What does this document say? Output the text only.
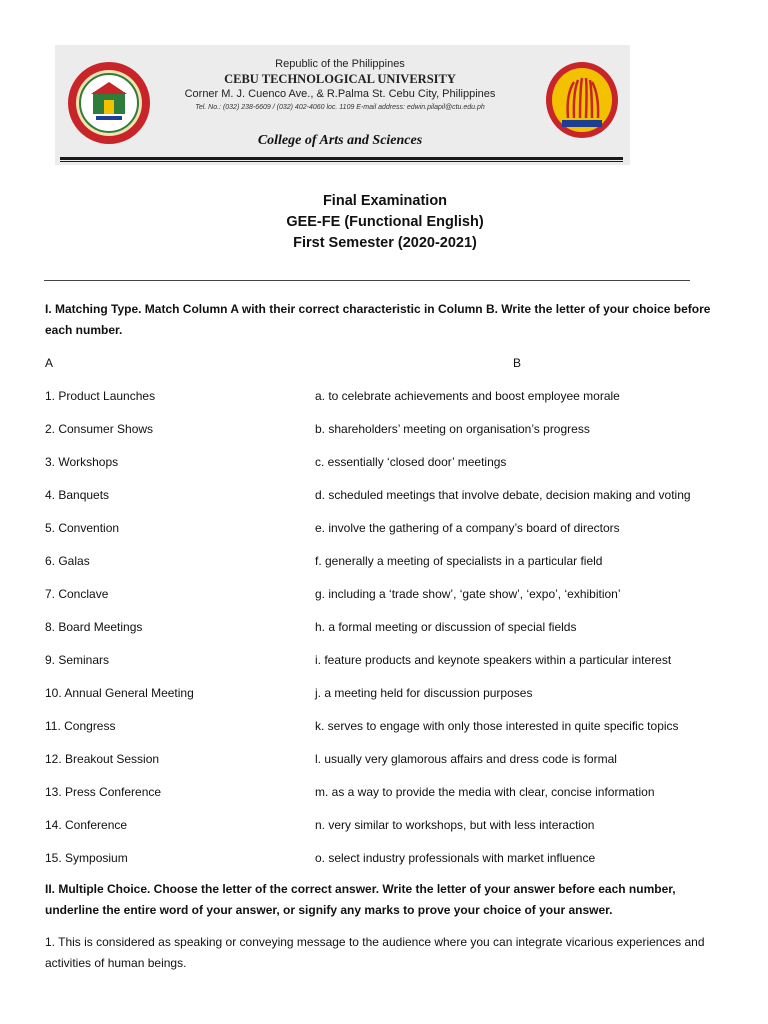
Republic of the Philippines
CEBU TECHNOLOGICAL UNIVERSITY
Corner M. J. Cuenco Ave., & R.Palma St. Cebu City, Philippines
Tel. No.: (032) 238-6609 / (032) 402-4060 loc. 1109 E-mail address: edwin.pilapil@ctu.edu.ph
College of Arts and Sciences
Final Examination
GEE-FE (Functional English)
First Semester (2020-2021)
I. Matching Type. Match Column A with their correct characteristic in Column B. Write the letter of your choice before each number.
A	B
1. Product Launches	a. to celebrate achievements and boost employee morale
2. Consumer Shows	b. shareholders’ meeting on organisation’s progress
3. Workshops	c. essentially ‘closed door’ meetings
4. Banquets	d. scheduled meetings that involve debate, decision making and voting
5. Convention	e. involve the gathering of a company’s board of directors
6. Galas	f. generally a meeting of specialists in a particular field
7. Conclave	g. including a ‘trade show’, ‘gate show’, ‘expo’, ‘exhibition’
8. Board Meetings	h. a formal meeting or discussion of special fields
9. Seminars	i. feature products and keynote speakers within a particular interest
10. Annual General Meeting	j. a meeting held for discussion purposes
11. Congress	k. serves to engage with only those interested in quite specific topics
12. Breakout Session	l. usually very glamorous affairs and dress code is formal
13. Press Conference	m. as a way to provide the media with clear, concise information
14. Conference	n. very similar to workshops, but with less interaction
15. Symposium	o. select industry professionals with market influence
II. Multiple Choice. Choose the letter of the correct answer. Write the letter of your answer before each number, underline the entire word of your answer, or signify any marks to prove your choice of your answer.
1. This is considered as speaking or conveying message to the audience where you can integrate vicarious experiences and activities of human beings.
